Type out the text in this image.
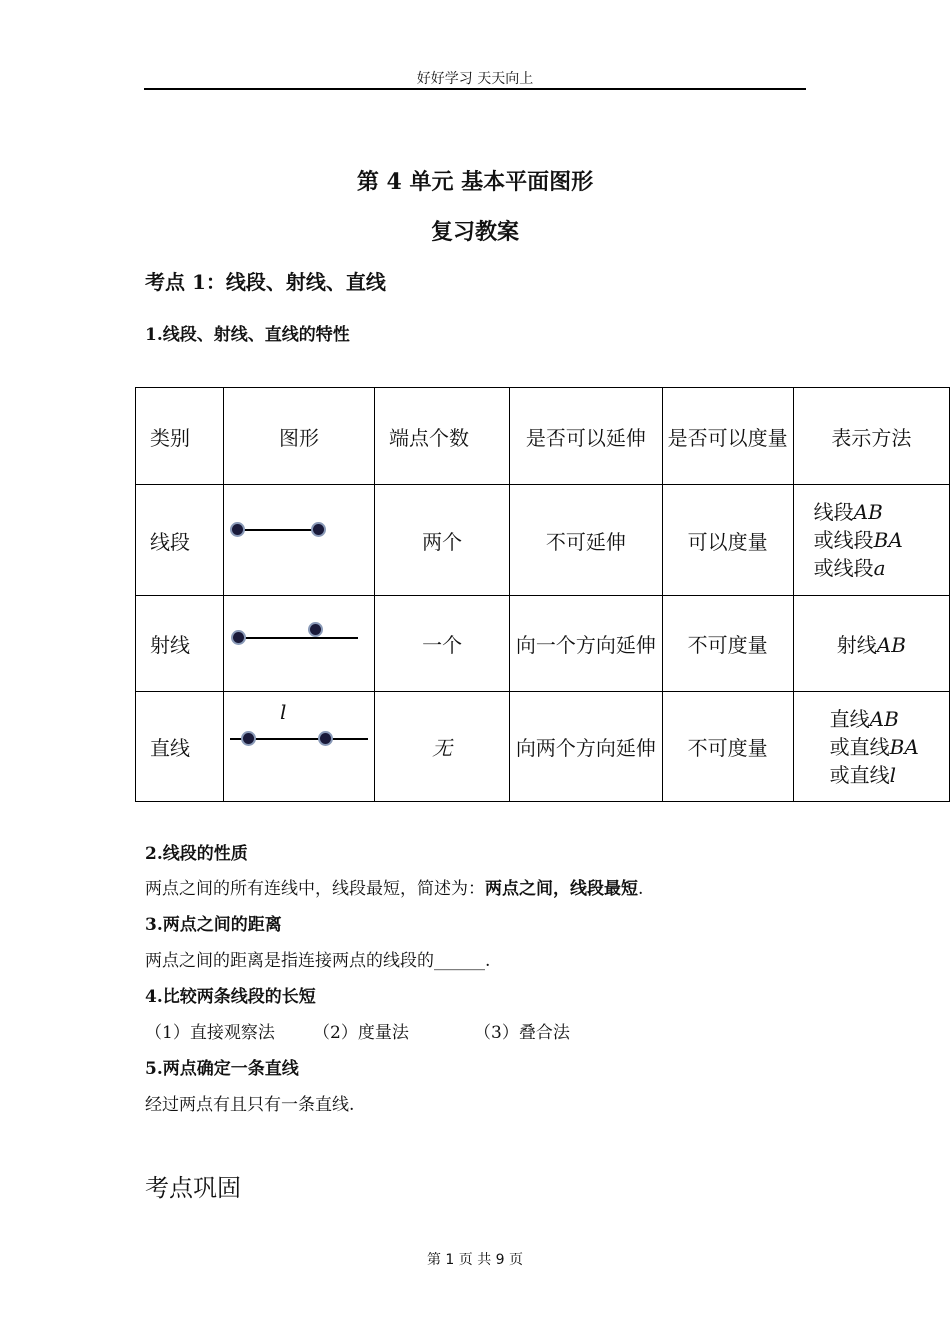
好好学习 天天向上
第 4 单元 基本平面图形
复习教案
考点 1：线段、射线、直线
1.线段、射线、直线的特性
类别	图形	端点个数	是否可以延伸	是否可以度量	表示方法
线段		两个	不可延伸	可以度量	线段AB
或线段BA
或线段a

射线		一个	向一个方向延伸	不可度量	射线AB
直线	l	无	向两个方向延伸	不可度量	直线AB
或直线BA
或直线l
2.线段的性质
两点之间的所有连线中，线段最短，简述为：两点之间，线段最短.
3.两点之间的距离
两点之间的距离是指连接两点的线段的______.
4.比较两条线段的长短
（1）直接观察法 （2）度量法	（3）叠合法
5.两点确定一条直线
经过两点有且只有一条直线.
考点巩固
第 1 页 共 9 页
